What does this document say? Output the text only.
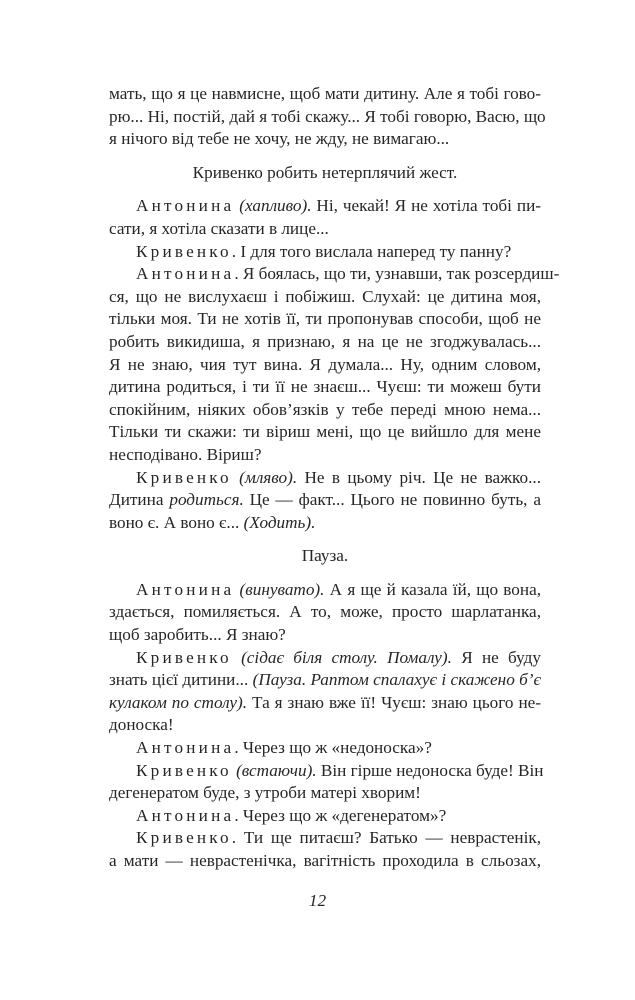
мать, що я це навмисне, щоб мати дитину. Але я тобі гово-
рю... Ні, постій, дай я тобі скажу... Я тобі говорю, Васю, що
я нічого від тебе не хочу, не жду, не вимагаю...
Кривенко робить нетерплячий жест.
Антонина (хапливо). Ні, чекай! Я не хотіла тобі пи-
сати, я хотіла сказати в лице...
Кривенко. І для того вислала наперед ту панну?
Антонина. Я боялась, що ти, узнавши, так розсердиш-
ся, що не вислухаєш і побіжиш. Слухай: це дитина моя,
тільки моя. Ти не хотів її, ти пропонував способи, щоб не
робить викидиша, я признаю, я на це не згоджувалась...
Я не знаю, чия тут вина. Я думала... Ну, одним словом,
дитина родиться, і ти її не знаєш... Чуєш: ти можеш бути
спокійним, ніяких обов’язків у тебе переді мною нема...
Тільки ти скажи: ти віриш мені, що це вийшло для мене
несподівано. Віриш?
Кривенко (мляво). Не в цьому річ. Це не важко...
Дитина родиться. Це — факт... Цього не повинно буть, а
воно є. А воно є... (Ходить).
Пауза.
Антонина (винувато). А я ще й казала їй, що вона,
здається, помиляється. А то, може, просто шарлатанка,
щоб заробить... Я знаю?
Кривенко (сідає біля столу. Помалу). Я не буду
знать цієї дитини... (Пауза. Раптом спалахує і скажено б’є
кулаком по столу). Та я знаю вже її! Чуєш: знаю цього не-
доноска!
Антонина. Через що ж «недоноска»?
Кривенко (встаючи). Він гірше недоноска буде! Він
дегенератом буде, з утроби матері хворим!
Антонина. Через що ж «дегенератом»?
Кривенко. Ти ще питаєш? Батько — неврастенік,
а мати — неврастенічка, вагітність проходила в сльозах,
12
